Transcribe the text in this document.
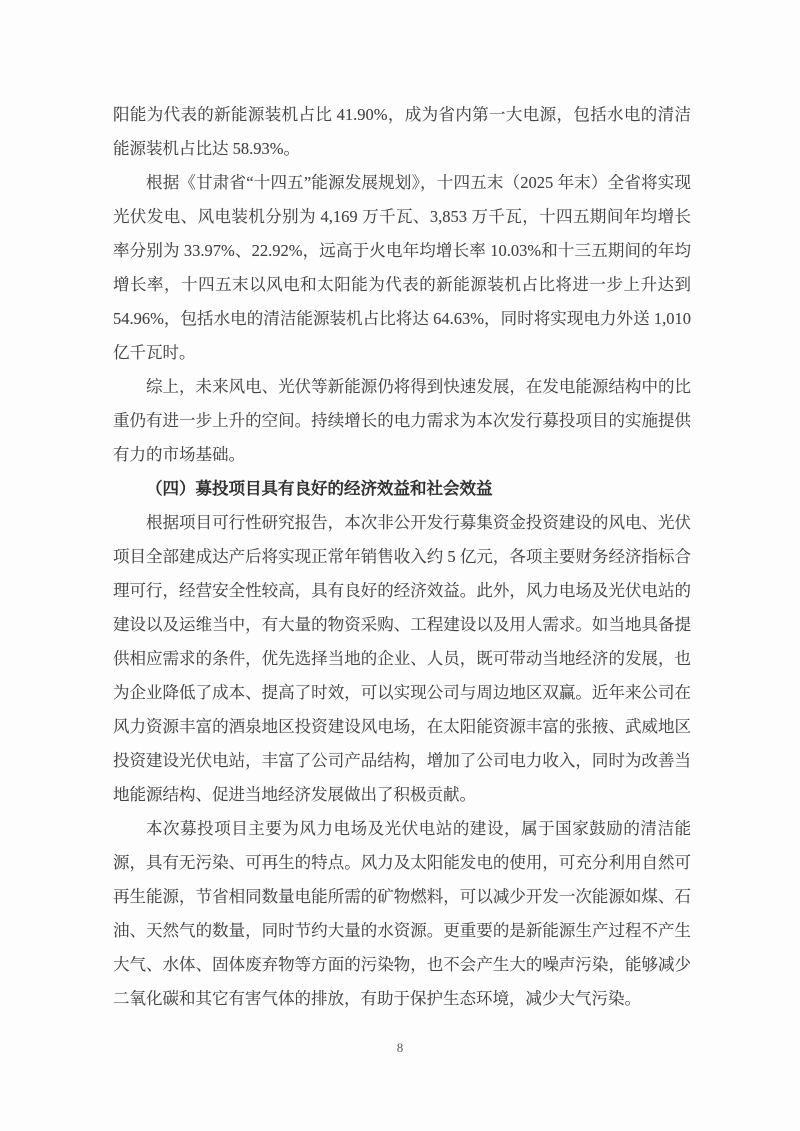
阳能为代表的新能源装机占比 41.90%，成为省内第一大电源，包括水电的清洁
能源装机占比达 58.93%。
根据《甘肃省“十四五”能源发展规划》，十四五末（2025 年末）全省将实现
光伏发电、风电装机分别为 4,169 万千瓦、3,853 万千瓦，十四五期间年均增长
率分别为 33.97%、22.92%，远高于火电年均增长率 10.03%和十三五期间的年均
增长率，十四五末以风电和太阳能为代表的新能源装机占比将进一步上升达到
54.96%，包括水电的清洁能源装机占比将达 64.63%，同时将实现电力外送 1,010
亿千瓦时。
综上，未来风电、光伏等新能源仍将得到快速发展，在发电能源结构中的比
重仍有进一步上升的空间。持续增长的电力需求为本次发行募投项目的实施提供
有力的市场基础。
（四）募投项目具有良好的经济效益和社会效益
根据项目可行性研究报告，本次非公开发行募集资金投资建设的风电、光伏
项目全部建成达产后将实现正常年销售收入约 5 亿元，各项主要财务经济指标合
理可行，经营安全性较高，具有良好的经济效益。此外，风力电场及光伏电站的
建设以及运维当中，有大量的物资采购、工程建设以及用人需求。如当地具备提
供相应需求的条件，优先选择当地的企业、人员，既可带动当地经济的发展，也
为企业降低了成本、提高了时效，可以实现公司与周边地区双赢。近年来公司在
风力资源丰富的酒泉地区投资建设风电场，在太阳能资源丰富的张掖、武威地区
投资建设光伏电站，丰富了公司产品结构，增加了公司电力收入，同时为改善当
地能源结构、促进当地经济发展做出了积极贡献。
本次募投项目主要为风力电场及光伏电站的建设，属于国家鼓励的清洁能
源，具有无污染、可再生的特点。风力及太阳能发电的使用，可充分利用自然可
再生能源，节省相同数量电能所需的矿物燃料，可以减少开发一次能源如煤、石
油、天然气的数量，同时节约大量的水资源。更重要的是新能源生产过程不产生
大气、水体、固体废弃物等方面的污染物，也不会产生大的噪声污染，能够减少
二氧化碳和其它有害气体的排放，有助于保护生态环境，减少大气污染。
8
